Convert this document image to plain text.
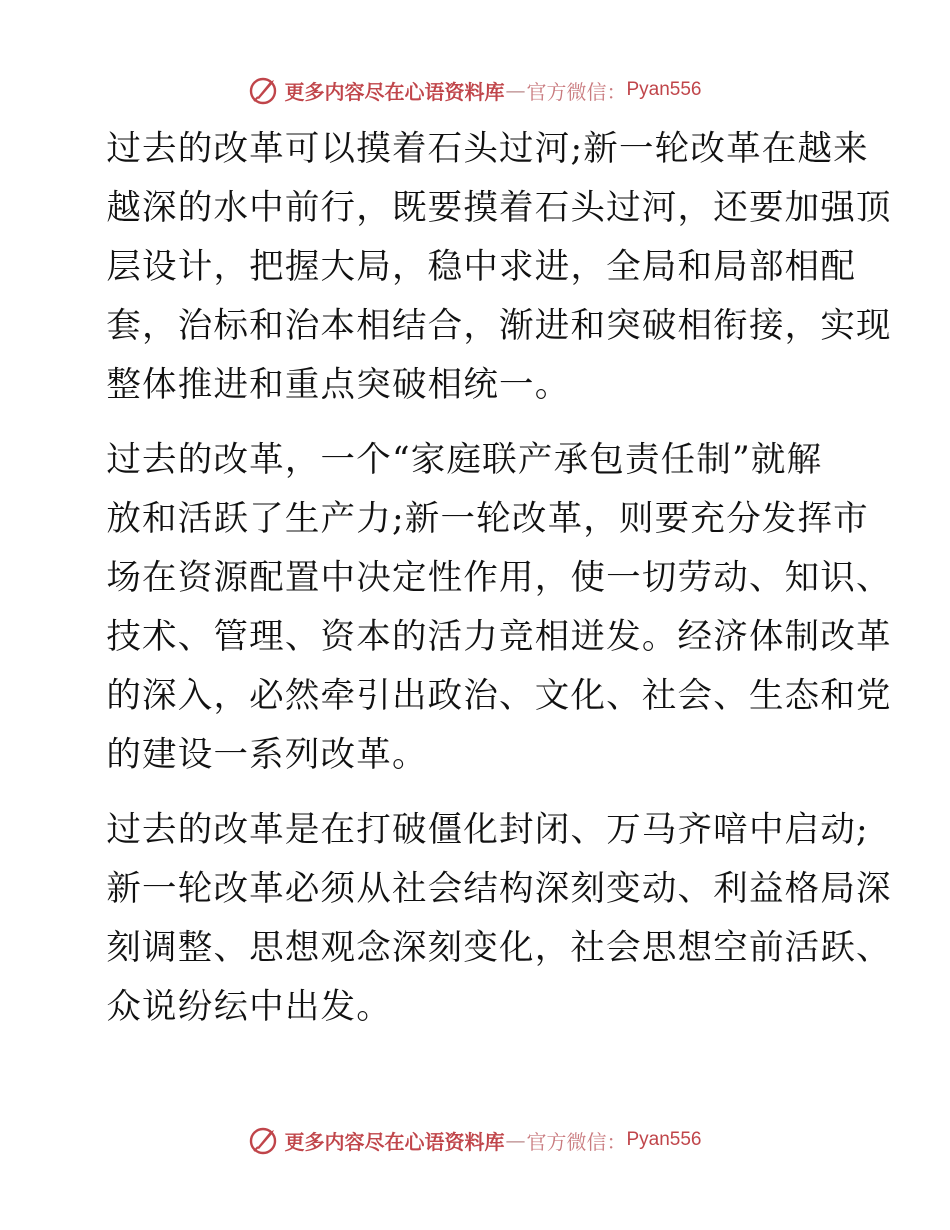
更多内容尽在心语资料库 — 官方微信： Pyan556

过去的改革可以摸着石头过河;新一轮改革在越来
越深的水中前行，既要摸着石头过河，还要加强顶
层设计，把握大局，稳中求进，全局和局部相配
套，治标和治本相结合，渐进和突破相衔接，实现
整体推进和重点突破相统一。

过去的改革，一个“家庭联产承包责任制”就解
放和活跃了生产力;新一轮改革，则要充分发挥市
场在资源配置中决定性作用，使一切劳动、知识、
技术、管理、资本的活力竞相迸发。经济体制改革
的深入，必然牵引出政治、文化、社会、生态和党
的建设一系列改革。

过去的改革是在打破僵化封闭、万马齐喑中启动;
新一轮改革必须从社会结构深刻变动、利益格局深
刻调整、思想观念深刻变化，社会思想空前活跃、
众说纷纭中出发。

更多内容尽在心语资料库 — 官方微信： Pyan556
